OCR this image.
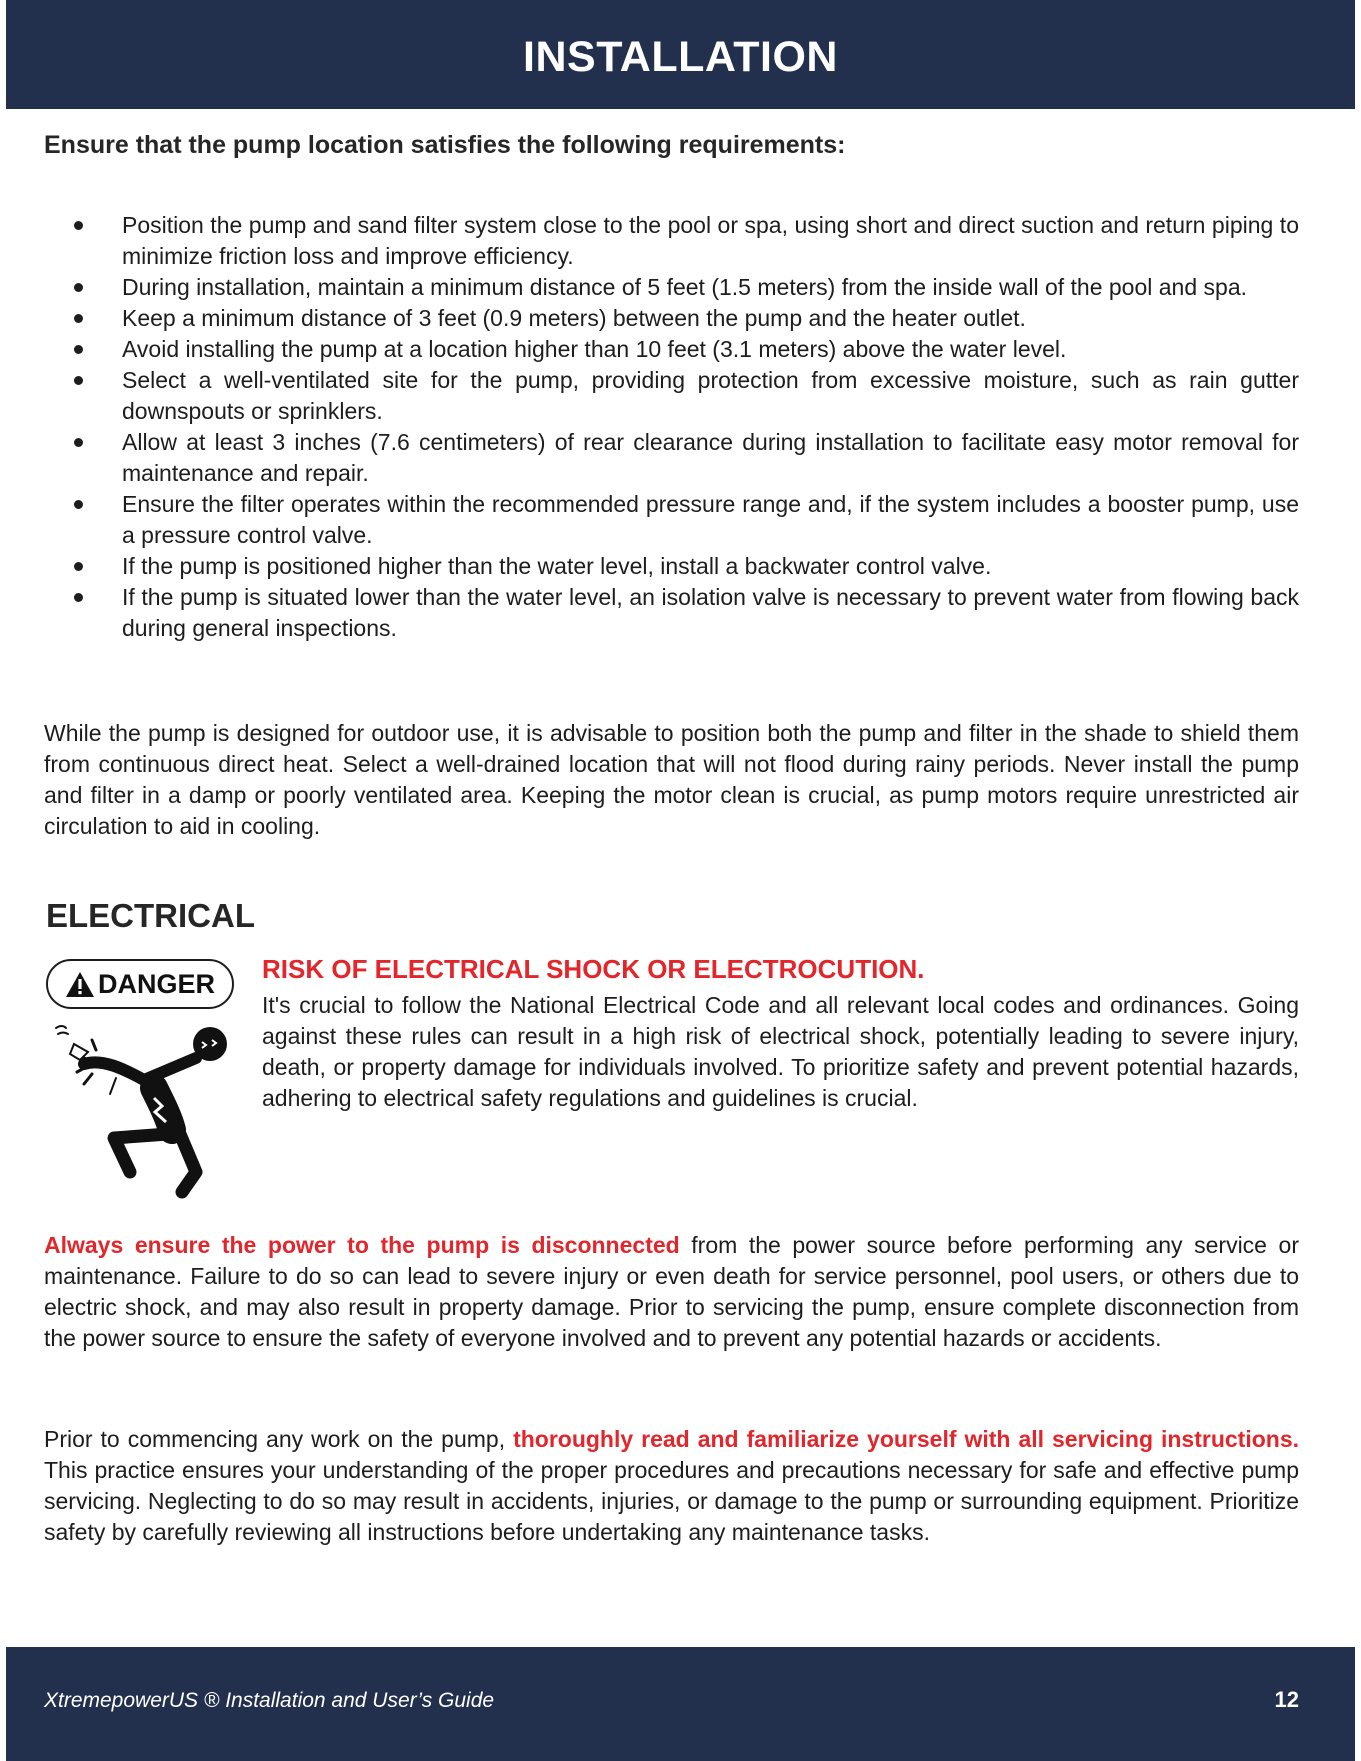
INSTALLATION
Ensure that the pump location satisfies the following requirements:
Position the pump and sand filter system close to the pool or spa, using short and direct suction and return piping to minimize friction loss and improve efficiency.
During installation, maintain a minimum distance of 5 feet (1.5 meters) from the inside wall of the pool and spa.
Keep a minimum distance of 3 feet (0.9 meters) between the pump and the heater outlet.
Avoid installing the pump at a location higher than 10 feet (3.1 meters) above the water level.
Select a well-ventilated site for the pump, providing protection from excessive moisture, such as rain gutter downspouts or sprinklers.
Allow at least 3 inches (7.6 centimeters) of rear clearance during installation to facilitate easy motor removal for maintenance and repair.
Ensure the filter operates within the recommended pressure range and, if the system includes a booster pump, use a pressure control valve.
If the pump is positioned higher than the water level, install a backwater control valve.
If the pump is situated lower than the water level, an isolation valve is necessary to prevent water from flowing back during general inspections.

While the pump is designed for outdoor use, it is advisable to position both the pump and filter in the shade to shield them from continuous direct heat. Select a well-drained location that will not flood during rainy periods. Never install the pump and filter in a damp or poorly ventilated area. Keeping the motor clean is crucial, as pump motors require unrestricted air circulation to aid in cooling.

ELECTRICAL
DANGER RISK OF ELECTRICAL SHOCK OR ELECTROCUTION.

It's crucial to follow the National Electrical Code and all relevant local codes and ordinances. Going against these rules can result in a high risk of electrical shock, potentially leading to severe injury, death, or property damage for individuals involved. To prioritize safety and prevent potential hazards, adhering to electrical safety regulations and guidelines is crucial.

Always ensure the power to the pump is disconnected from the power source before performing any service or maintenance. Failure to do so can lead to severe injury or even death for service personnel, pool users, or others due to electric shock, and may also result in property damage. Prior to servicing the pump, ensure complete disconnection from the power source to ensure the safety of everyone involved and to prevent any potential hazards or accidents.

Prior to commencing any work on the pump, thoroughly read and familiarize yourself with all servicing instructions. This practice ensures your understanding of the proper procedures and precautions necessary for safe and effective pump servicing. Neglecting to do so may result in accidents, injuries, or damage to the pump or surrounding equipment. Prioritize safety by carefully reviewing all instructions before undertaking any maintenance tasks.

XtremepowerUS ® Installation and User’s Guide	12
